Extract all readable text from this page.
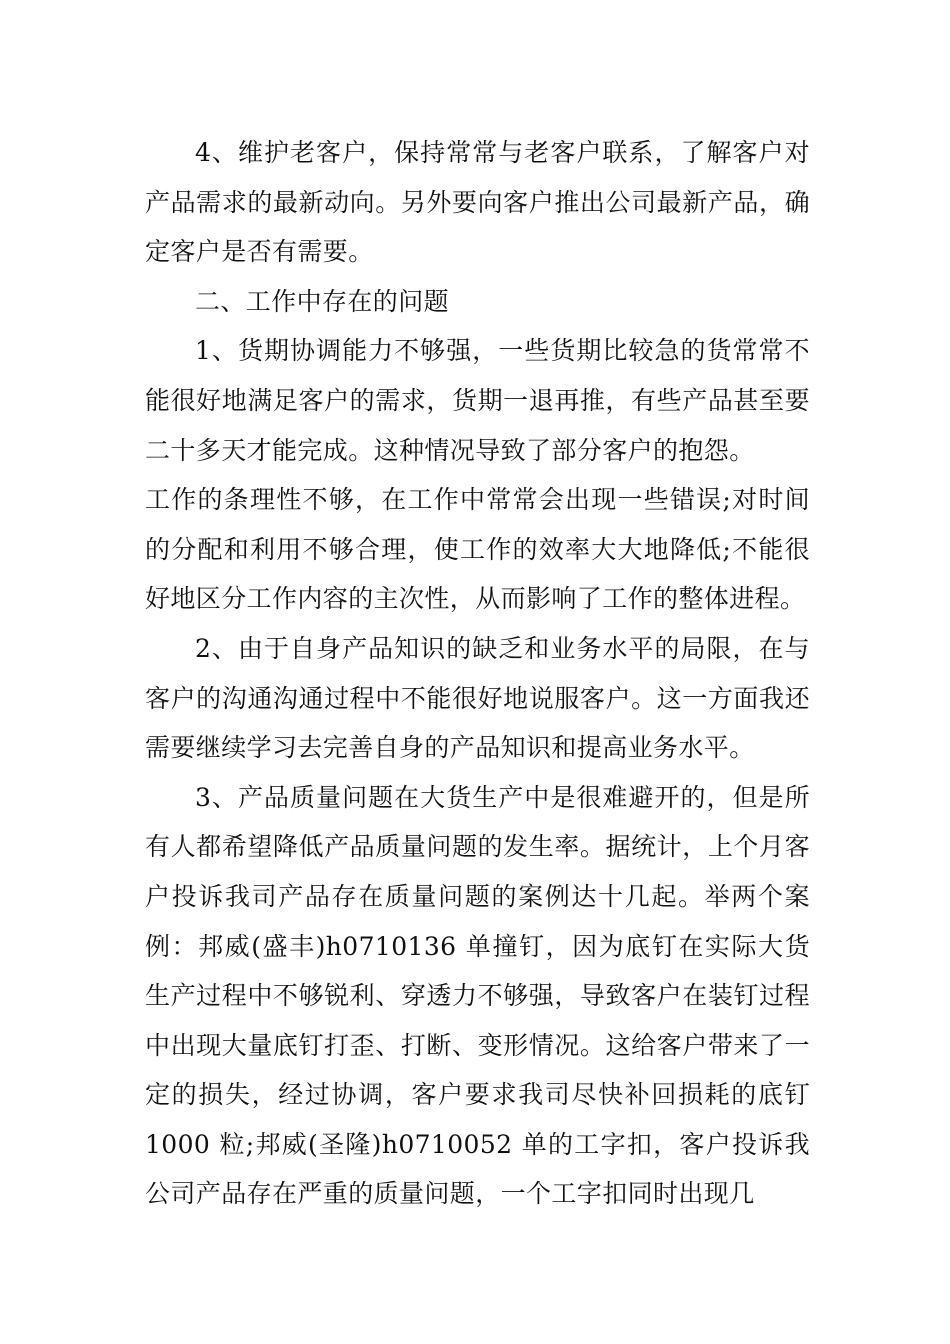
4、维护老客户，保持常常与老客户联系，了解客户对产品需求的最新动向。另外要向客户推出公司最新产品，确定客户是否有需要。

二、工作中存在的问题

1、货期协调能力不够强，一些货期比较急的货常常不能很好地满足客户的需求，货期一退再推，有些产品甚至要二十多天才能完成。这种情况导致了部分客户的抱怨。

工作的条理性不够，在工作中常常会出现一些错误;对时间的分配和利用不够合理，使工作的效率大大地降低;不能很好地区分工作内容的主次性，从而影响了工作的整体进程。

2、由于自身产品知识的缺乏和业务水平的局限，在与客户的沟通沟通过程中不能很好地说服客户。这一方面我还需要继续学习去完善自身的产品知识和提高业务水平。

3、产品质量问题在大货生产中是很难避开的，但是所有人都希望降低产品质量问题的发生率。据统计，上个月客户投诉我司产品存在质量问题的案例达十几起。举两个案例：邦威(盛丰)h0710136 单撞钉，因为底钉在实际大货生产过程中不够锐利、穿透力不够强，导致客户在装钉过程中出现大量底钉打歪、打断、变形情况。这给客户带来了一定的损失，经过协调，客户要求我司尽快补回损耗的底钉 1000 粒;邦威(圣隆)h0710052 单的工字扣，客户投诉我公司产品存在严重的质量问题，一个工字扣同时出现几
